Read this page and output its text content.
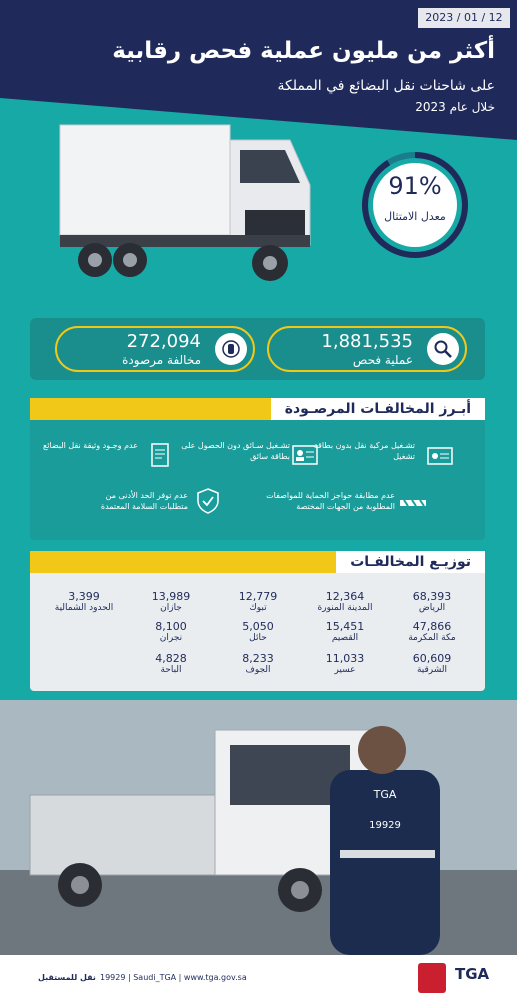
2023 / 01 / 12
أكثر من مليون عملية فحص رقابية
على شاحنات نقل البضائع في المملكة
خلال عام 2023
91%
معدل الامتثال
1,881,535
عملية فحص
272,094
مخالفة مرصودة
أبـرز المخالفـات المرصـودة
تشـغيل مركبة نقل بدون بطاقة تشغيل
تشـغيل سـائق دون الحصول على بطاقة سائق
عدم وجـود وثيقة نقل البضائع
عدم مطابقة حواجز الحماية للمواصفات المطلوبة من الجهات المختصة
عدم توفر الحد الأدنى من متطلبات السلامة المعتمدة
توزيـع المخالفـات
68,393
الرياض
12,364
المدينة المنورة
12,779
تبوك
13,989
جازان
3,399
الحدود الشمالية
47,866
مكة المكرمة
15,451
القصيم
5,050
حائل
8,100
نجران
60,609
الشرقية
11,033
عسير
8,233
الجوف
4,828
الباحة
TGA
19929
نقل للمستقبل 19929 | Saudi_TGA | www.tga.gov.sa	TGA
